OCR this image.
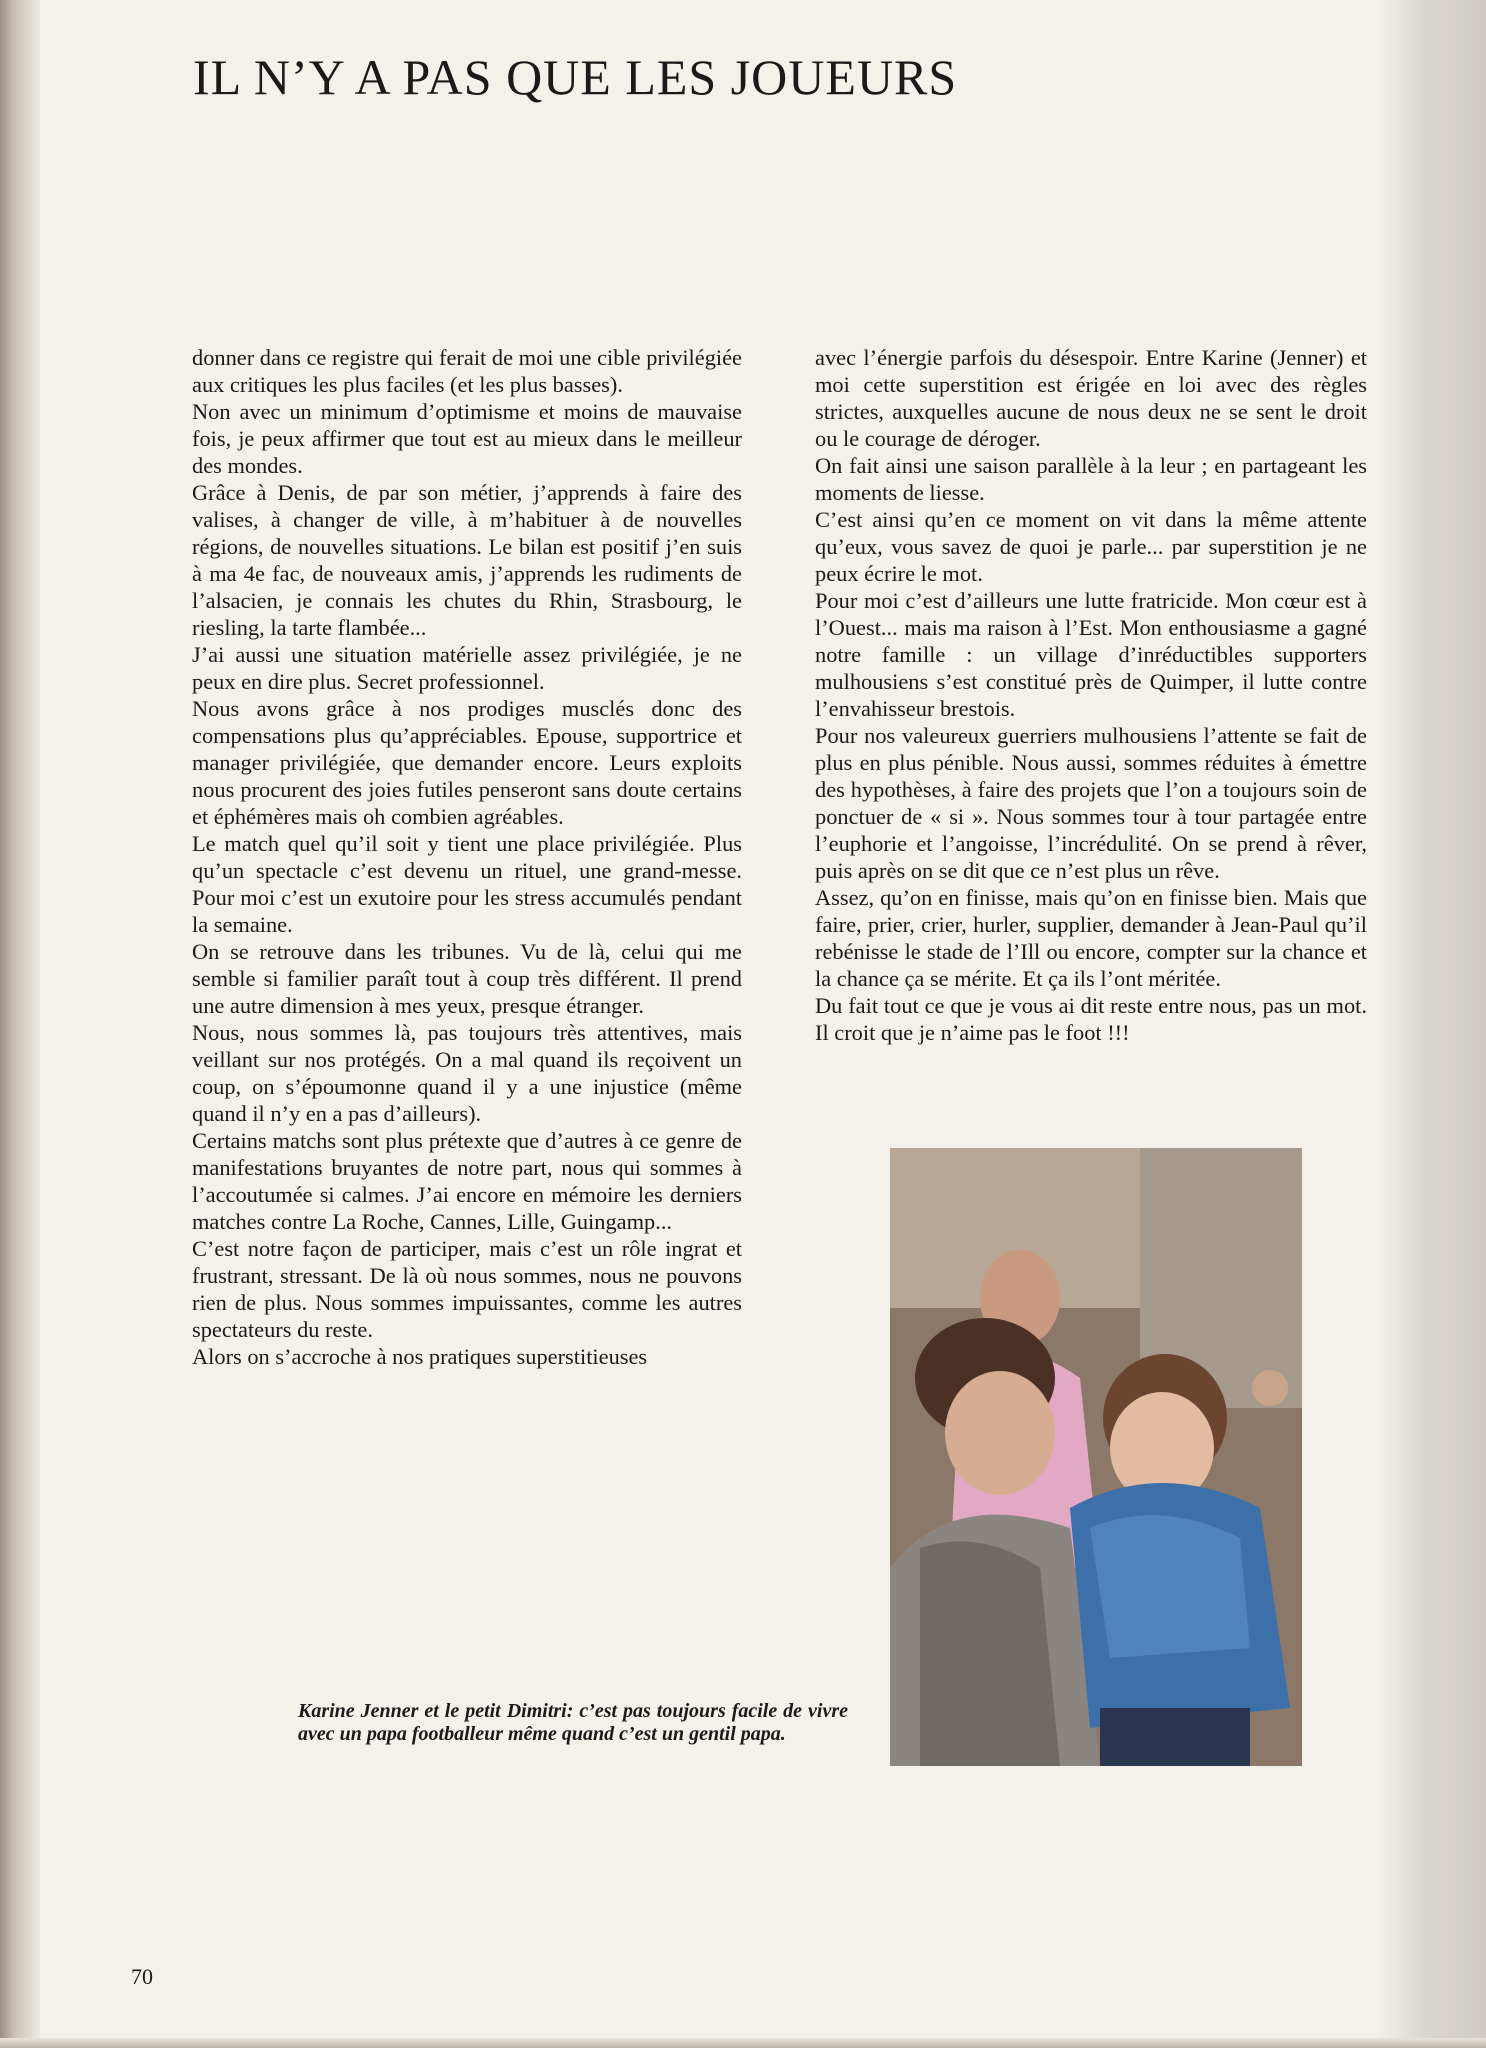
IL N’Y A PAS QUE LES JOUEURS

donner dans ce registre qui ferait de moi une cible privilégiée aux critiques les plus faciles (et les plus basses).

Non avec un minimum d’optimisme et moins de mauvaise fois, je peux affirmer que tout est au mieux dans le meilleur des mondes.

Grâce à Denis, de par son métier, j’apprends à faire des valises, à changer de ville, à m’habituer à de nouvelles régions, de nouvelles situations. Le bilan est positif j’en suis à ma 4e fac, de nouveaux amis, j’apprends les rudiments de l’alsacien, je connais les chutes du Rhin, Strasbourg, le riesling, la tarte flambée...

J’ai aussi une situation matérielle assez privilégiée, je ne peux en dire plus. Secret professionnel.

Nous avons grâce à nos prodiges musclés donc des compensations plus qu’appréciables. Epouse, supportrice et manager privilégiée, que demander encore. Leurs exploits nous procurent des joies futiles penseront sans doute certains et éphémères mais oh combien agréables.

Le match quel qu’il soit y tient une place privilégiée. Plus qu’un spectacle c’est devenu un rituel, une grand-messe. Pour moi c’est un exutoire pour les stress accumulés pendant la semaine.

On se retrouve dans les tribunes. Vu de là, celui qui me semble si familier paraît tout à coup très différent. Il prend une autre dimension à mes yeux, presque étranger.

Nous, nous sommes là, pas toujours très attentives, mais veillant sur nos protégés. On a mal quand ils reçoivent un coup, on s’époumonne quand il y a une injustice (même quand il n’y en a pas d’ailleurs).

Certains matchs sont plus prétexte que d’autres à ce genre de manifestations bruyantes de notre part, nous qui sommes à l’accoutumée si calmes. J’ai encore en mémoire les derniers matches contre La Roche, Cannes, Lille, Guingamp...

C’est notre façon de participer, mais c’est un rôle ingrat et frustrant, stressant. De là où nous sommes, nous ne pouvons rien de plus. Nous sommes impuissantes, comme les autres spectateurs du reste.

Alors on s’accroche à nos pratiques superstitieuses

avec l’énergie parfois du désespoir. Entre Karine (Jenner) et moi cette superstition est érigée en loi avec des règles strictes, auxquelles aucune de nous deux ne se sent le droit ou le courage de déroger.

On fait ainsi une saison parallèle à la leur ; en partageant les moments de liesse.

C’est ainsi qu’en ce moment on vit dans la même attente qu’eux, vous savez de quoi je parle... par superstition je ne peux écrire le mot.

Pour moi c’est d’ailleurs une lutte fratricide. Mon cœur est à l’Ouest... mais ma raison à l’Est. Mon enthousiasme a gagné notre famille : un village d’inréductibles supporters mulhousiens s’est constitué près de Quimper, il lutte contre l’envahisseur brestois.

Pour nos valeureux guerriers mulhousiens l’attente se fait de plus en plus pénible. Nous aussi, sommes réduites à émettre des hypothèses, à faire des projets que l’on a toujours soin de ponctuer de « si ». Nous sommes tour à tour partagée entre l’euphorie et l’angoisse, l’incrédulité. On se prend à rêver, puis après on se dit que ce n’est plus un rêve.

Assez, qu’on en finisse, mais qu’on en finisse bien. Mais que faire, prier, crier, hurler, supplier, demander à Jean-Paul qu’il rebénisse le stade de l’Ill ou encore, compter sur la chance et la chance ça se mérite. Et ça ils l’ont méritée.

Du fait tout ce que je vous ai dit reste entre nous, pas un mot. Il croit que je n’aime pas le foot !!!

Karine Jenner et le petit Dimitri: c’est pas toujours facile de vivre avec un papa footballeur même quand c’est un gentil papa.
70
